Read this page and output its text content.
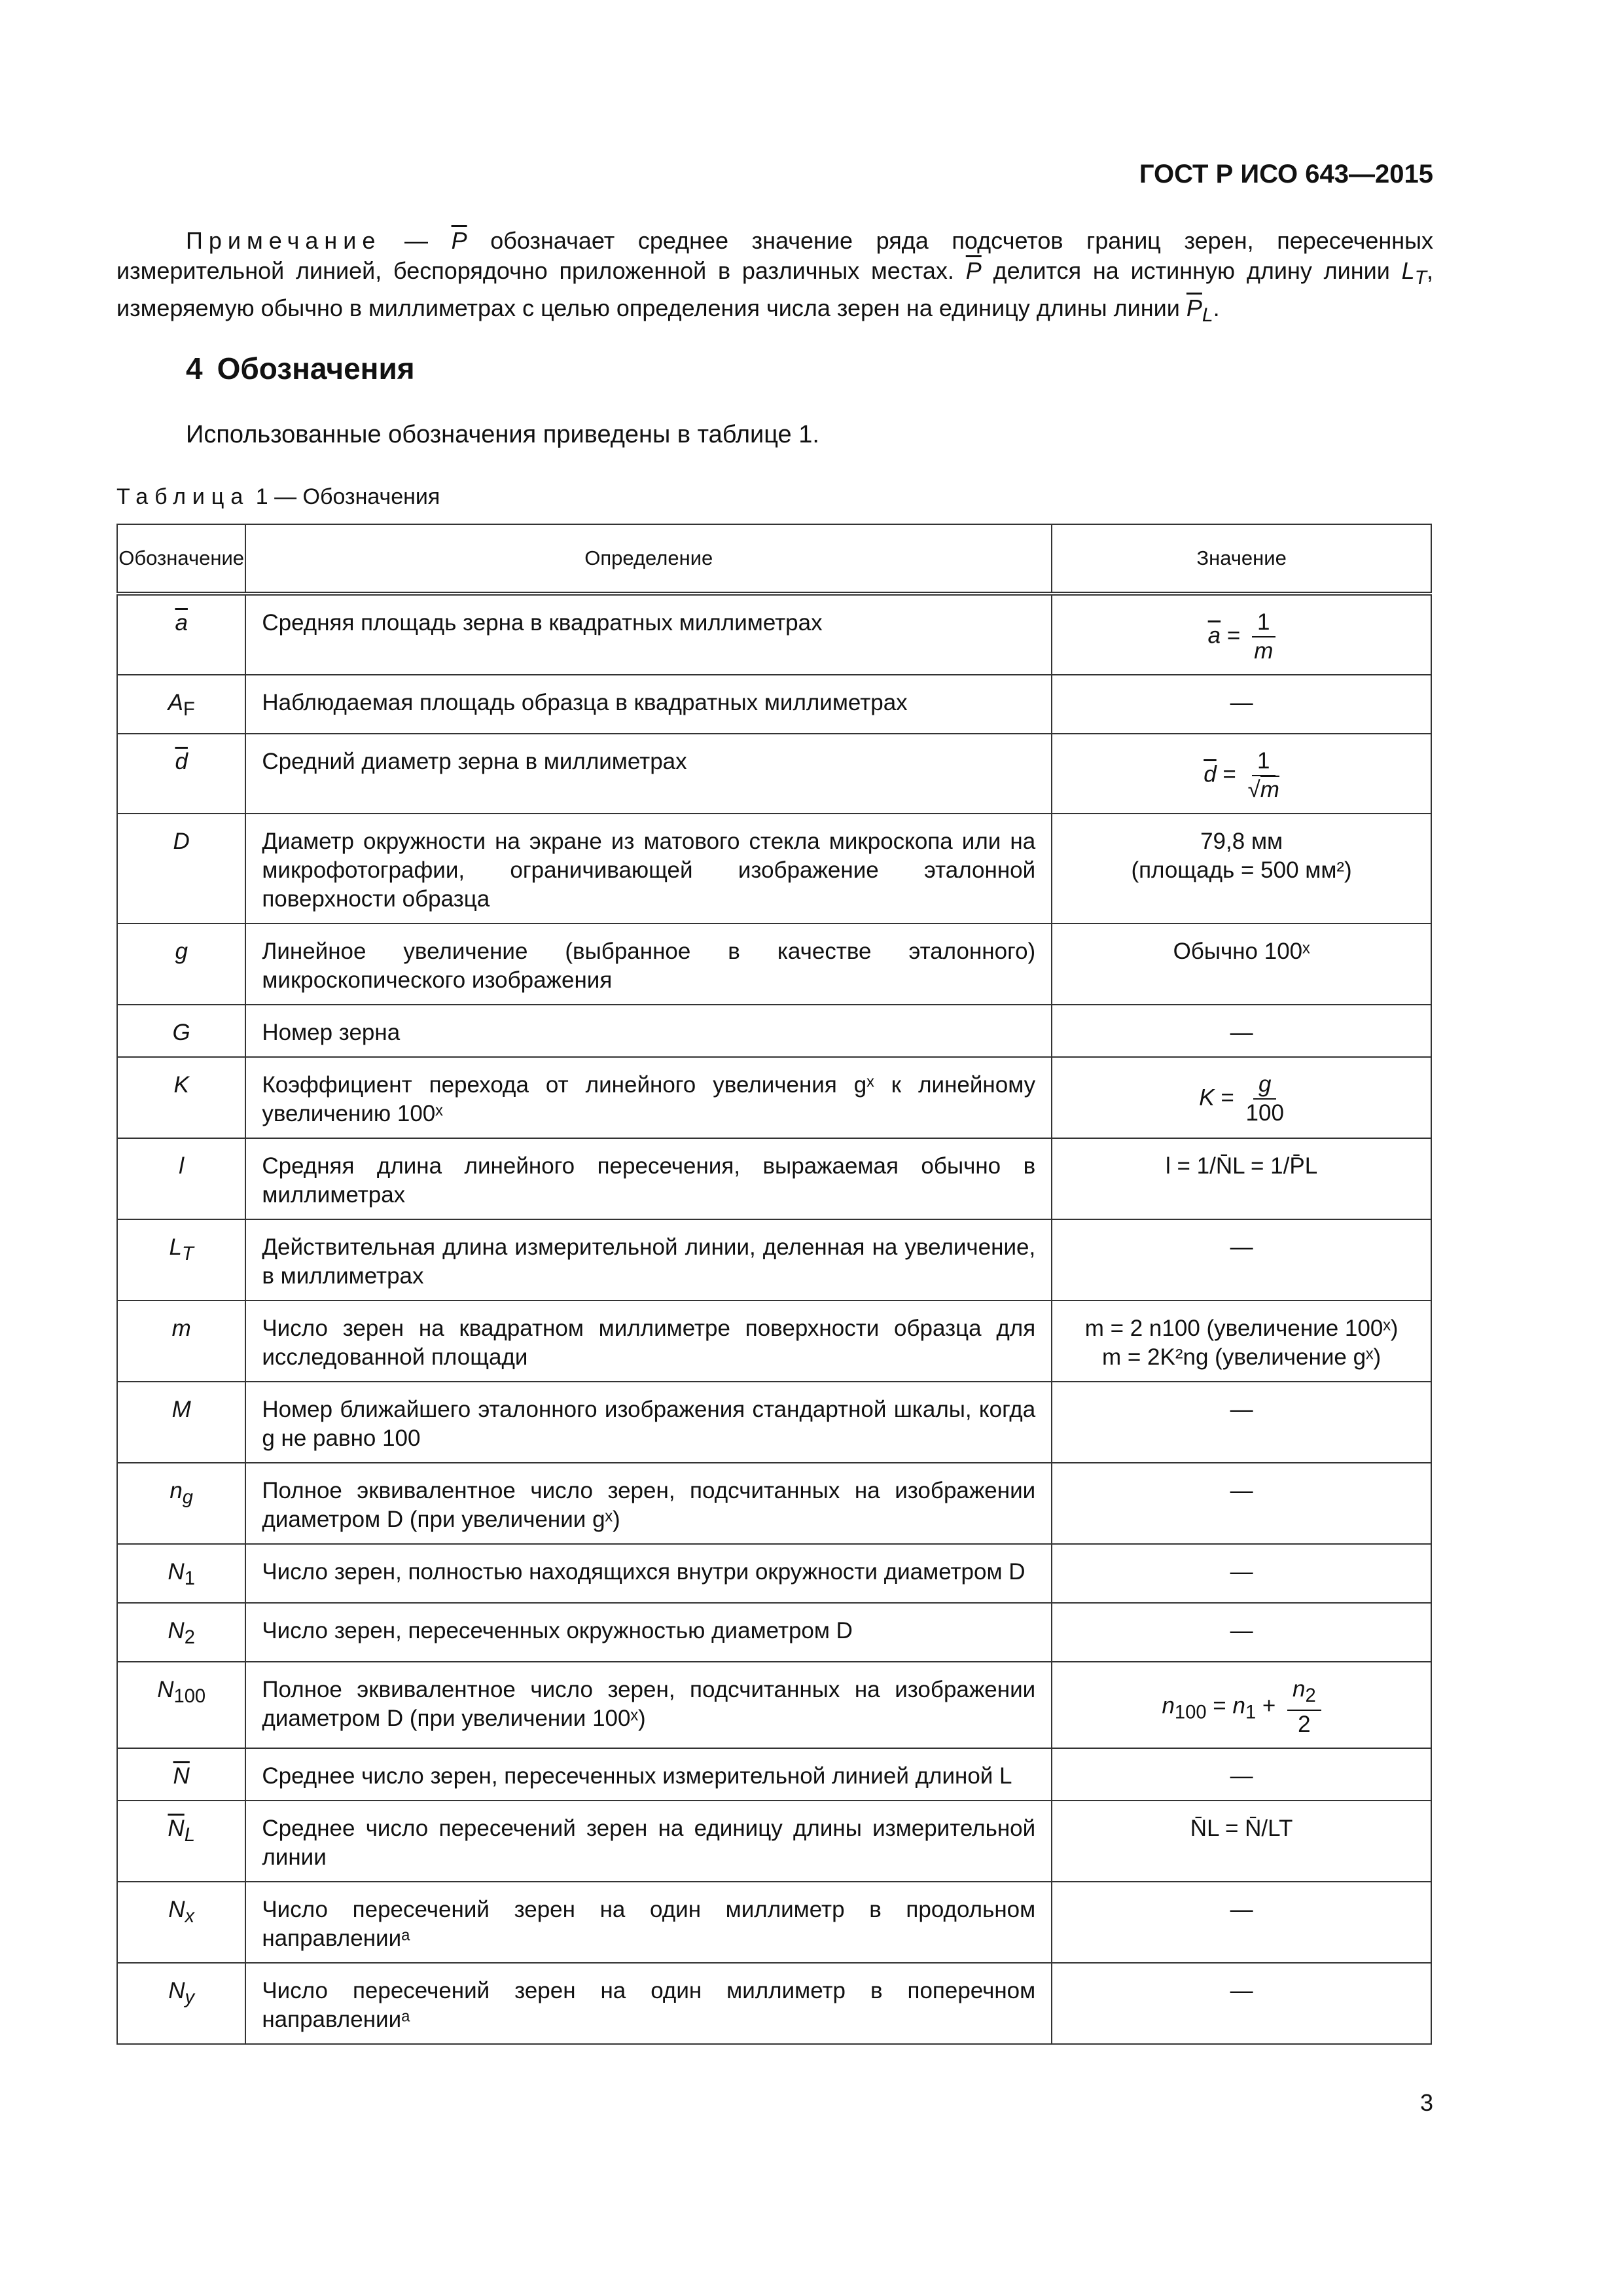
ГОСТ Р ИСО 643—2015

Примечание — $\overline{P}$ обозначает среднее значение ряда подсчетов границ зерен, пересеченных измерительной линией, беспорядочно приложенной в различных местах. $\overline{P}$ делится на истинную длину линии $L_T$, измеряемую обычно в миллиметрах с целью определения числа зерен на единицу длины линии $\overline{P}_L$.

4 Обозначения
Использованные обозначения приведены в таблице 1.
Таблица 1 — Обозначения
Обозначение	Определение	Значение
$\overline{a}$	Средняя площадь зерна в квадратных миллиметрах	$\overline{a} = \frac{1}{m}$

$A_F$	Наблюдаемая площадь образца в квадратных миллиметрах	—
$\overline{d}$	Средний диаметр зерна в миллиметрах	$\overline{d} = \frac{1}{√m}$

D	Диаметр окружности на экране из матового стекла микроскопа или на микрофотографии, ограничивающей изображение эталонной поверхности образца	79,8 мм
(площадь = 500 мм²)

g	Линейное увеличение (выбранное в качестве эталонного) микроскопического изображения	Обычно 100ˣ
G	Номер зерна	—
K	Коэффициент перехода от линейного увеличения gˣ к линейному увеличению 100ˣ	$K = \frac{g}{100}$

l	Средняя длина линейного пересечения, выражаемая обычно в миллиметрах	l = 1/N̄L = 1/P̄L
$L_T$	Действительная длина измерительной линии, деленная на увеличение, в миллиметрах	—
m	Число зерен на квадратном миллиметре поверхности образца для исследованной площади	m = 2 n100 (увеличение 100ˣ)
m = 2K²ng (увеличение gˣ)

M	Номер ближайшего эталонного изображения стандартной шкалы, когда g не равно 100	—
$n_g$	Полное эквивалентное число зерен, подсчитанных на изображении диаметром D (при увеличении gˣ)	—
$N_1$	Число зерен, полностью находящихся внутри окружности диаметром D	—
$N_2$	Число зерен, пересеченных окружностью диаметром D	—
$N_{100}$	Полное эквивалентное число зерен, подсчитанных на изображении диаметром D (при увеличении 100ˣ)	$n_{100} = n_1 + \frac{n_2}{2}$

$\overline{N}$	Среднее число зерен, пересеченных измерительной линией длиной L	—
$\overline{N}_L$	Среднее число пересечений зерен на единицу длины измерительной линии	N̄L = N̄/LT
$N_x$	Число пересечений зерен на один миллиметр в продольном направленииᵃ	—
$N_y$	Число пересечений зерен на один миллиметр в поперечном направленииᵃ	—
3
